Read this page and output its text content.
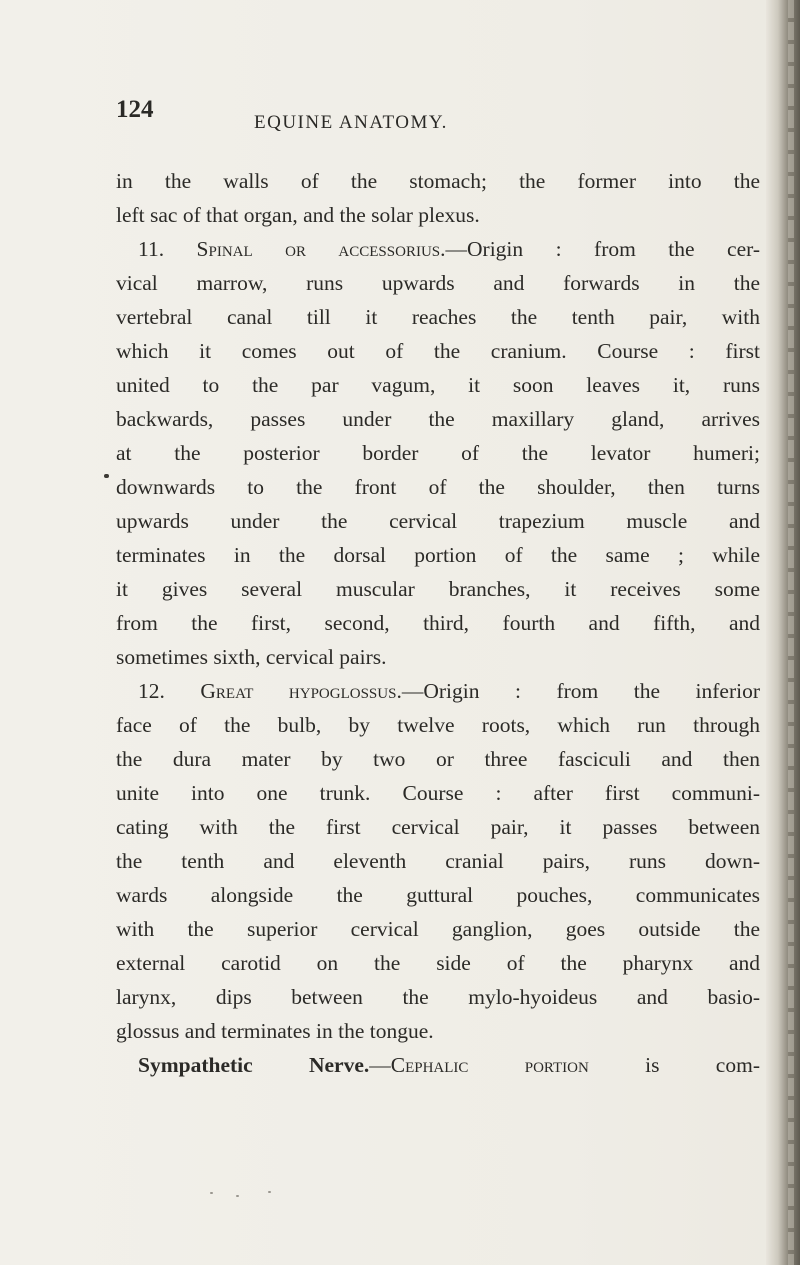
124	EQUINE ANATOMY.
in the walls of the stomach; the former into the
left sac of that organ, and the solar plexus.
11. Spinal or accessorius.—Origin : from the cer-
vical marrow, runs upwards and forwards in the
vertebral canal till it reaches the tenth pair, with
which it comes out of the cranium. Course : first
united to the par vagum, it soon leaves it, runs
backwards, passes under the maxillary gland, arrives
at the posterior border of the levator humeri;
downwards to the front of the shoulder, then turns
upwards under the cervical trapezium muscle and
terminates in the dorsal portion of the same ; while
it gives several muscular branches, it receives some
from the first, second, third, fourth and fifth, and
sometimes sixth, cervical pairs.
12. Great hypoglossus.—Origin : from the inferior
face of the bulb, by twelve roots, which run through
the dura mater by two or three fasciculi and then
unite into one trunk. Course : after first communi-
cating with the first cervical pair, it passes between
the tenth and eleventh cranial pairs, runs down-
wards alongside the guttural pouches, communicates
with the superior cervical ganglion, goes outside the
external carotid on the side of the pharynx and
larynx, dips between the mylo-hyoideus and basio-
glossus and terminates in the tongue.
Sympathetic Nerve.—Cephalic portion is com-
